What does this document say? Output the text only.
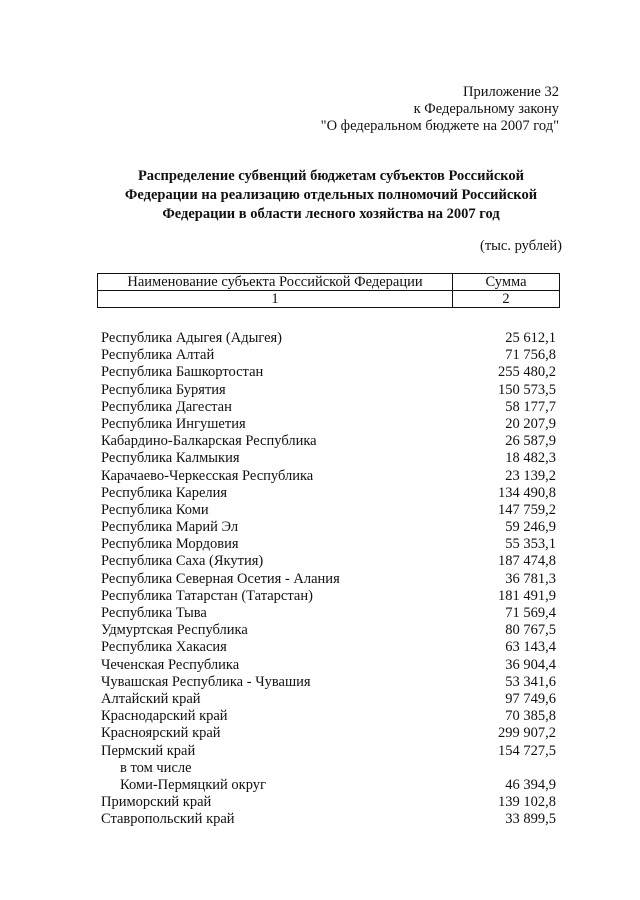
Приложение 32
к Федеральному закону
"О федеральном бюджете на 2007 год"
Распределение субвенций бюджетам субъектов Российской
Федерации на реализацию отдельных полномочий Российской
Федерации в области лесного хозяйства на 2007 год
(тыс. рублей)
Наименование субъекта Российской Федерации	Сумма
1	2
Республика Адыгея (Адыгея)	25 612,1
Республика Алтай	71 756,8
Республика Башкортостан	255 480,2
Республика Бурятия	150 573,5
Республика Дагестан	58 177,7
Республика Ингушетия	20 207,9
Кабардино-Балкарская Республика	26 587,9
Республика Калмыкия	18 482,3
Карачаево-Черкесская Республика	23 139,2
Республика Карелия	134 490,8
Республика Коми	147 759,2
Республика Марий Эл	59 246,9
Республика Мордовия	55 353,1
Республика Саха (Якутия)	187 474,8
Республика Северная Осетия - Алания	36 781,3
Республика Татарстан (Татарстан)	181 491,9
Республика Тыва	71 569,4
Удмуртская Республика	80 767,5
Республика Хакасия	63 143,4
Чеченская Республика	36 904,4
Чувашская Республика - Чувашия	53 341,6
Алтайский край	97 749,6
Краснодарский край	70 385,8
Красноярский край	299 907,2
Пермский край	154 727,5
в том числе
Коми-Пермяцкий округ	46 394,9
Приморский край	139 102,8
Ставропольский край	33 899,5
